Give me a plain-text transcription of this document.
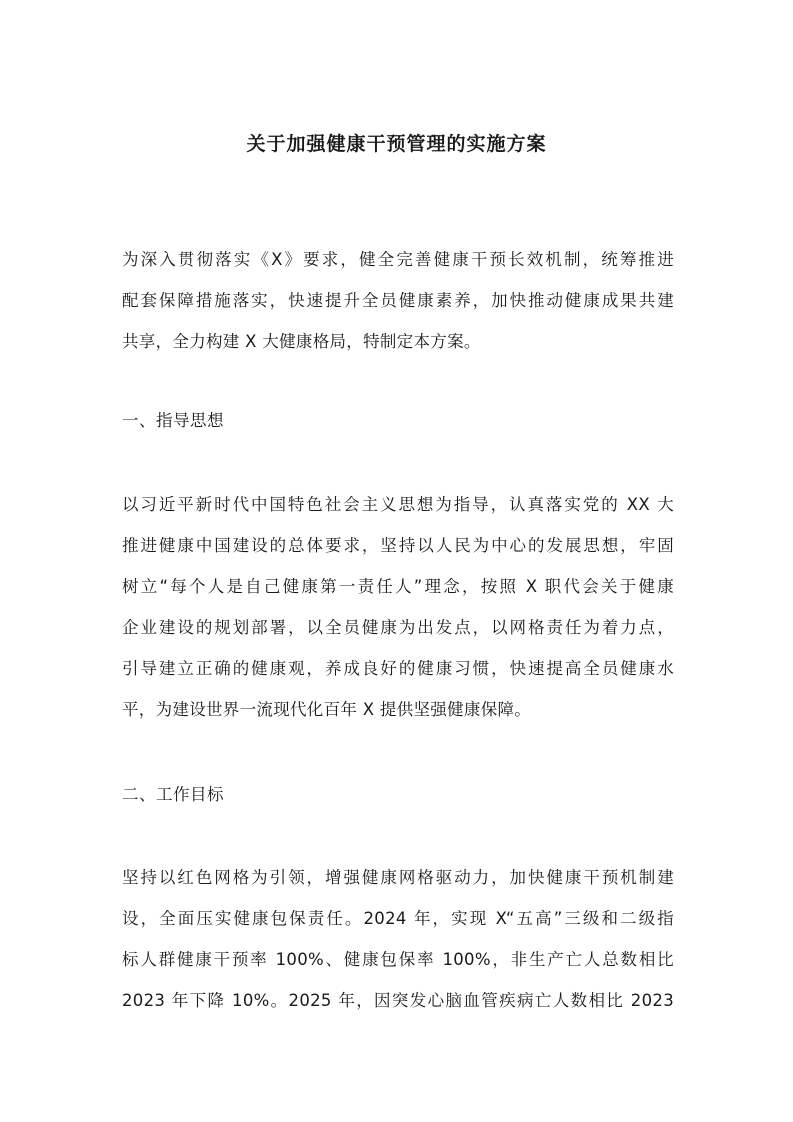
关于加强健康干预管理的实施方案
为深入贯彻落实《X》要求，健全完善健康干预长效机制，统筹推进
配套保障措施落实，快速提升全员健康素养，加快推动健康成果共建
共享，全力构建 X 大健康格局，特制定本方案。
一、指导思想
以习近平新时代中国特色社会主义思想为指导，认真落实党的 XX 大
推进健康中国建设的总体要求，坚持以人民为中心的发展思想，牢固
树立“每个人是自己健康第一责任人”理念，按照 X 职代会关于健康
企业建设的规划部署，以全员健康为出发点，以网格责任为着力点，
引导建立正确的健康观，养成良好的健康习惯，快速提高全员健康水
平，为建设世界一流现代化百年 X 提供坚强健康保障。
二、工作目标
坚持以红色网格为引领，增强健康网格驱动力，加快健康干预机制建
设，全面压实健康包保责任。2024 年，实现 X“五高”三级和二级指
标人群健康干预率 100%、健康包保率 100%，非生产亡人总数相比
2023 年下降 10%。2025 年，因突发心脑血管疾病亡人数相比 2023
